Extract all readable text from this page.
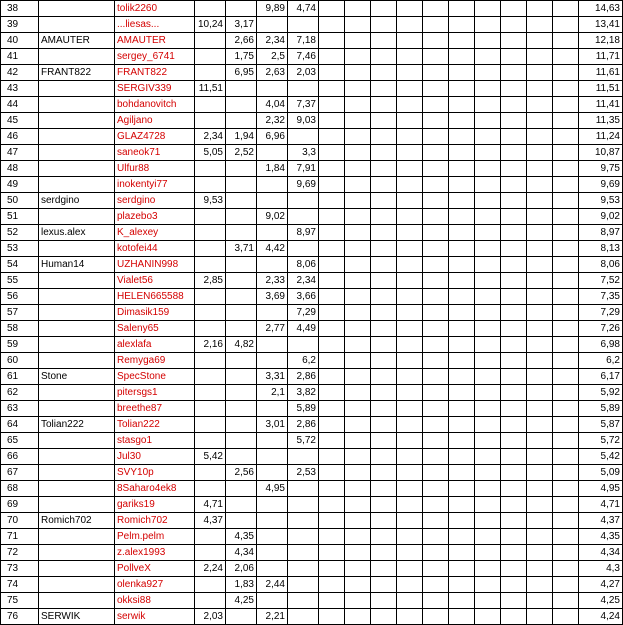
38		tolik2260			9,89	4,74											14,63
39		...liesas...	10,24	3,17													13,41
40	AMAUTER	AMAUTER		2,66	2,34	7,18											12,18
41		sergey_6741		1,75	2,5	7,46											11,71
42	FRANT822	FRANT822		6,95	2,63	2,03											11,61
43		SERGIV339	11,51														11,51
44		bohdanovitch			4,04	7,37											11,41
45		Agiljano			2,32	9,03											11,35
46		GLAZ4728	2,34	1,94	6,96												11,24
47		saneok71	5,05	2,52		3,3											10,87
48		Ulfur88			1,84	7,91											9,75
49		inokentyi77				9,69											9,69
50	serdgino	serdgino	9,53														9,53
51		plazebo3			9,02												9,02
52	lexus.alex	K_alexey				8,97											8,97
53		kotofei44		3,71	4,42												8,13
54	Human14	UZHANIN998				8,06											8,06
55		Vialet56	2,85		2,33	2,34											7,52
56		HELEN665588			3,69	3,66											7,35
57		Dimasik159				7,29											7,29
58		Saleny65			2,77	4,49											7,26
59		alexlafa	2,16	4,82													6,98
60		Remyga69				6,2											6,2
61	Stone	SpecStone			3,31	2,86											6,17
62		pitersgs1			2,1	3,82											5,92
63		breethe87				5,89											5,89
64	Tolian222	Tolian222			3,01	2,86											5,87
65		stasgo1				5,72											5,72
66		Jul30	5,42														5,42
67		SVY10p		2,56		2,53											5,09
68		8Saharo4ek8			4,95												4,95
69		gariks19	4,71														4,71
70	Romich702	Romich702	4,37														4,37
71		Pelm.pelm		4,35													4,35
72		z.alex1993		4,34													4,34
73		PollveX	2,24	2,06													4,3
74		olenka927		1,83	2,44												4,27
75		okksi88		4,25													4,25
76	SERWIK	serwik	2,03		2,21												4,24
